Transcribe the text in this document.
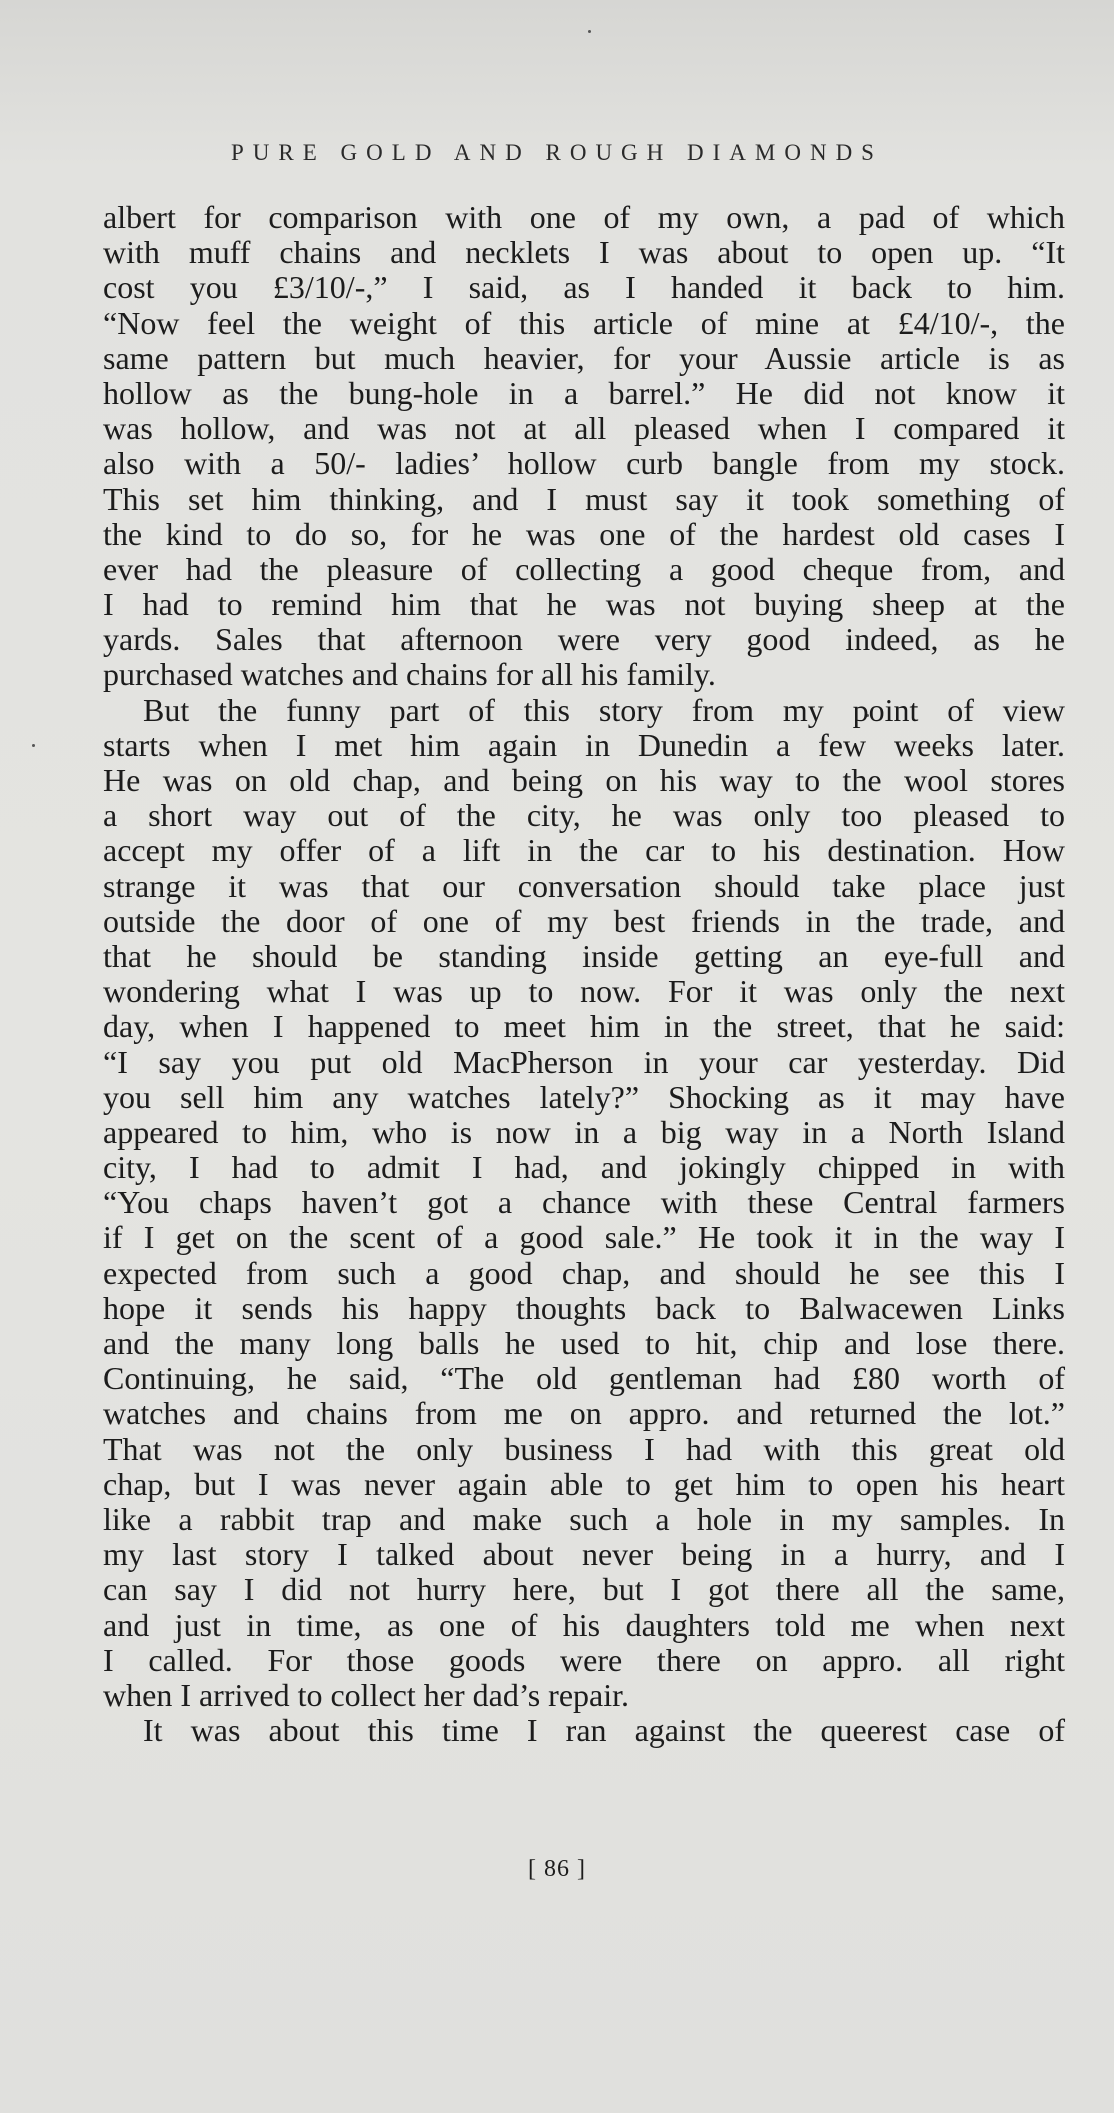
PURE GOLD AND ROUGH DIAMONDS
albert for comparison with one of my own, a pad of which
with muff chains and necklets I was about to open up. “It
cost you £3/10/-,” I said, as I handed it back to him.
“Now feel the weight of this article of mine at £4/10/-, the
same pattern but much heavier, for your Aussie article is as
hollow as the bung-hole in a barrel.” He did not know it
was hollow, and was not at all pleased when I compared it
also with a 50/- ladies’ hollow curb bangle from my stock.
This set him thinking, and I must say it took something of
the kind to do so, for he was one of the hardest old cases I
ever had the pleasure of collecting a good cheque from, and
I had to remind him that he was not buying sheep at the
yards. Sales that afternoon were very good indeed, as he
purchased watches and chains for all his family.
But the funny part of this story from my point of view
starts when I met him again in Dunedin a few weeks later.
He was on old chap, and being on his way to the wool stores
a short way out of the city, he was only too pleased to
accept my offer of a lift in the car to his destination. How
strange it was that our conversation should take place just
outside the door of one of my best friends in the trade, and
that he should be standing inside getting an eye-full and
wondering what I was up to now. For it was only the next
day, when I happened to meet him in the street, that he said:
“I say you put old MacPherson in your car yesterday. Did
you sell him any watches lately?” Shocking as it may have
appeared to him, who is now in a big way in a North Island
city, I had to admit I had, and jokingly chipped in with
“You chaps haven’t got a chance with these Central farmers
if I get on the scent of a good sale.” He took it in the way I
expected from such a good chap, and should he see this I
hope it sends his happy thoughts back to Balwacewen Links
and the many long balls he used to hit, chip and lose there.
Continuing, he said, “The old gentleman had £80 worth of
watches and chains from me on appro. and returned the lot.”
That was not the only business I had with this great old
chap, but I was never again able to get him to open his heart
like a rabbit trap and make such a hole in my samples. In
my last story I talked about never being in a hurry, and I
can say I did not hurry here, but I got there all the same,
and just in time, as one of his daughters told me when next
I called. For those goods were there on appro. all right
when I arrived to collect her dad’s repair.
It was about this time I ran against the queerest case of
[ 86 ]
